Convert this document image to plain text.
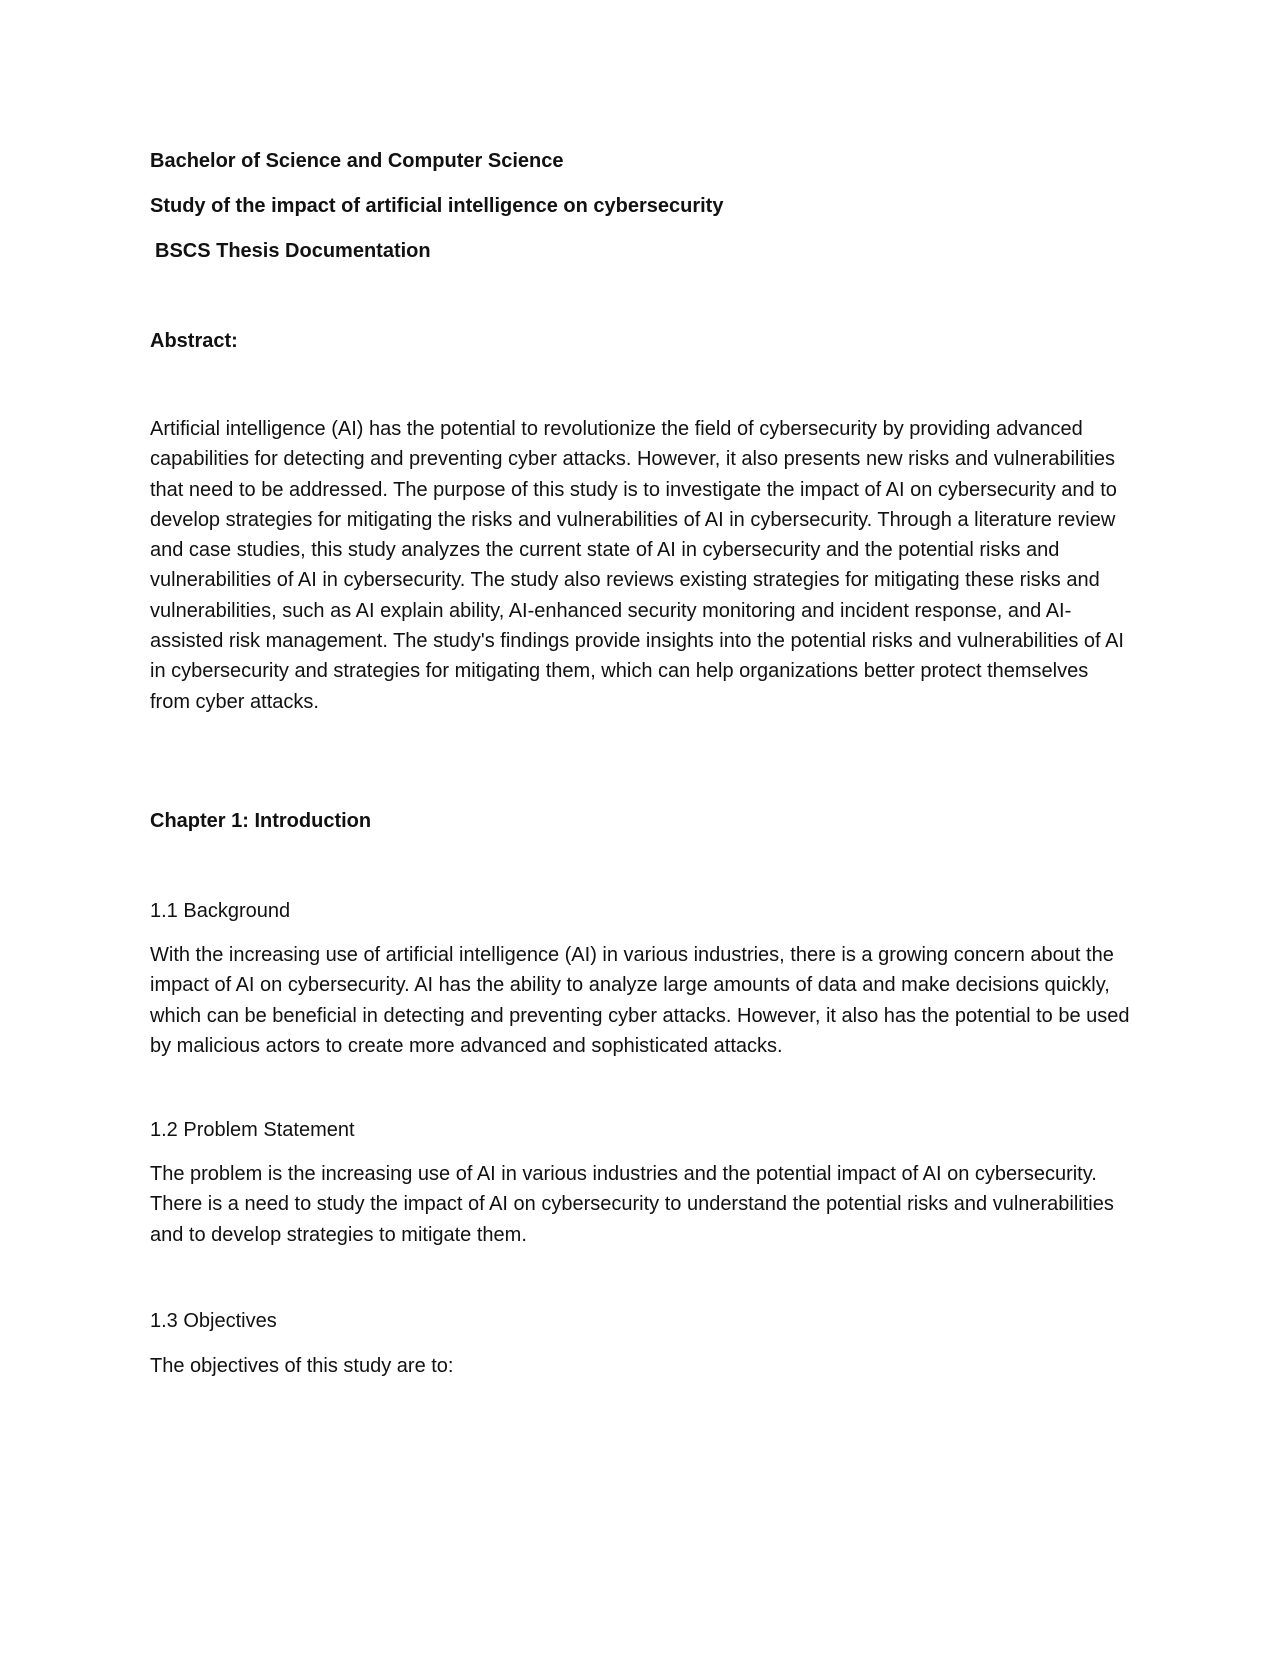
Bachelor of Science and Computer Science

Study of the impact of artificial intelligence on cybersecurity

BSCS Thesis Documentation

Abstract:

Artificial intelligence (AI) has the potential to revolutionize the field of cybersecurity by providing advanced capabilities for detecting and preventing cyber attacks. However, it also presents new risks and vulnerabilities that need to be addressed. The purpose of this study is to investigate the impact of AI on cybersecurity and to develop strategies for mitigating the risks and vulnerabilities of AI in cybersecurity. Through a literature review and case studies, this study analyzes the current state of AI in cybersecurity and the potential risks and vulnerabilities of AI in cybersecurity. The study also reviews existing strategies for mitigating these risks and vulnerabilities, such as AI explain ability, AI-enhanced security monitoring and incident response, and AI-assisted risk management. The study's findings provide insights into the potential risks and vulnerabilities of AI in cybersecurity and strategies for mitigating them, which can help organizations better protect themselves from cyber attacks.

Chapter 1: Introduction

1.1 Background

With the increasing use of artificial intelligence (AI) in various industries, there is a growing concern about the impact of AI on cybersecurity. AI has the ability to analyze large amounts of data and make decisions quickly, which can be beneficial in detecting and preventing cyber attacks. However, it also has the potential to be used by malicious actors to create more advanced and sophisticated attacks.

1.2 Problem Statement

The problem is the increasing use of AI in various industries and the potential impact of AI on cybersecurity. There is a need to study the impact of AI on cybersecurity to understand the potential risks and vulnerabilities and to develop strategies to mitigate them.

1.3 Objectives

The objectives of this study are to:
